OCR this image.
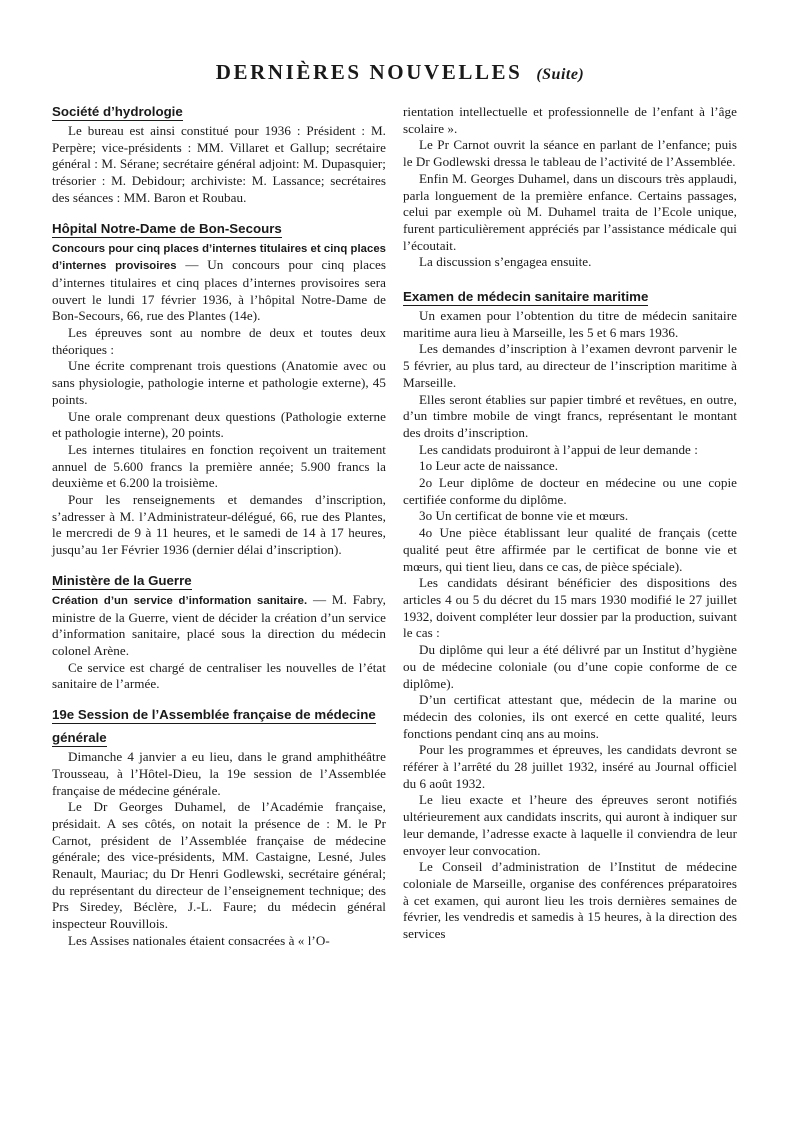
DERNIÈRES NOUVELLES (Suite)
Société d’hydrologie

Le bureau est ainsi constitué pour 1936 : Président : M. Perpère; vice-présidents : MM. Villaret et Gallup; secrétaire général : M. Sérane; secrétaire général adjoint: M. Dupasquier; trésorier : M. Debidour; archiviste: M. Lassance; secrétaires des séances : MM. Baron et Roubau.

Hôpital Notre-Dame de Bon-Secours

Concours pour cinq places d’internes titulaires et cinq places d’internes provisoires — Un concours pour cinq places d’internes titulaires et cinq places d’internes provisoires sera ouvert le lundi 17 février 1936, à l’hôpital Notre-Dame de Bon-Secours, 66, rue des Plantes (14e).

Les épreuves sont au nombre de deux et toutes deux théoriques :

Une écrite comprenant trois questions (Anatomie avec ou sans physiologie, pathologie interne et pathologie externe), 45 points.

Une orale comprenant deux questions (Pathologie externe et pathologie interne), 20 points.

Les internes titulaires en fonction reçoivent un traitement annuel de 5.600 francs la première année; 5.900 francs la deuxième et 6.200 la troisième.

Pour les renseignements et demandes d’inscription, s’adresser à M. l’Administrateur-délégué, 66, rue des Plantes, le mercredi de 9 à 11 heures, et le samedi de 14 à 17 heures, jusqu’au 1er Février 1936 (dernier délai d’inscription).

Ministère de la Guerre

Création d’un service d’information sanitaire. — M. Fabry, ministre de la Guerre, vient de décider la création d’un service d’information sanitaire, placé sous la direction du médecin colonel Arène.

Ce service est chargé de centraliser les nouvelles de l’état sanitaire de l’armée.

19e Session de l’Assemblée française de médecine générale

Dimanche 4 janvier a eu lieu, dans le grand amphithéâtre Trousseau, à l’Hôtel-Dieu, la 19e session de l’Assemblée française de médecine générale.

Le Dr Georges Duhamel, de l’Académie française, présidait. A ses côtés, on notait la présence de : M. le Pr Carnot, président de l’Assemblée française de médecine générale; des vice-présidents, MM. Castaigne, Lesné, Jules Renault, Mauriac; du Dr Henri Godlewski, secrétaire général; du représentant du directeur de l’enseignement technique; des Prs Siredey, Béclère, J.-L. Faure; du médecin général inspecteur Rouvillois.

Les Assises nationales étaient consacrées à « l’O-

rientation intellectuelle et professionnelle de l’enfant à l’âge scolaire ».

Le Pr Carnot ouvrit la séance en parlant de l’enfance; puis le Dr Godlewski dressa le tableau de l’activité de l’Assemblée.

Enfin M. Georges Duhamel, dans un discours très applaudi, parla longuement de la première enfance. Certains passages, celui par exemple où M. Duhamel traita de l’Ecole unique, furent particulièrement appréciés par l’assistance médicale qui l’écoutait.

La discussion s’engagea ensuite.

Examen de médecin sanitaire maritime

Un examen pour l’obtention du titre de médecin sanitaire maritime aura lieu à Marseille, les 5 et 6 mars 1936.

Les demandes d’inscription à l’examen devront parvenir le 5 février, au plus tard, au directeur de l’inscription maritime à Marseille.

Elles seront établies sur papier timbré et revêtues, en outre, d’un timbre mobile de vingt francs, représentant le montant des droits d’inscription.

Les candidats produiront à l’appui de leur demande :

1o Leur acte de naissance.

2o Leur diplôme de docteur en médecine ou une copie certifiée conforme du diplôme.

3o Un certificat de bonne vie et mœurs.

4o Une pièce établissant leur qualité de français (cette qualité peut être affirmée par le certificat de bonne vie et mœurs, qui tient lieu, dans ce cas, de pièce spéciale).

Les candidats désirant bénéficier des dispositions des articles 4 ou 5 du décret du 15 mars 1930 modifié le 27 juillet 1932, doivent compléter leur dossier par la production, suivant le cas :

Du diplôme qui leur a été délivré par un Institut d’hygiène ou de médecine coloniale (ou d’une copie conforme de ce diplôme).

D’un certificat attestant que, médecin de la marine ou médecin des colonies, ils ont exercé en cette qualité, leurs fonctions pendant cinq ans au moins.

Pour les programmes et épreuves, les candidats devront se référer à l’arrêté du 28 juillet 1932, inséré au Journal officiel du 6 août 1932.

Le lieu exacte et l’heure des épreuves seront notifiés ultérieurement aux candidats inscrits, qui auront à indiquer sur leur demande, l’adresse exacte à laquelle il conviendra de leur envoyer leur convocation.

Le Conseil d’administration de l’Institut de médecine coloniale de Marseille, organise des conférences préparatoires à cet examen, qui auront lieu les trois dernières semaines de février, les vendredis et samedis à 15 heures, à la direction des services
